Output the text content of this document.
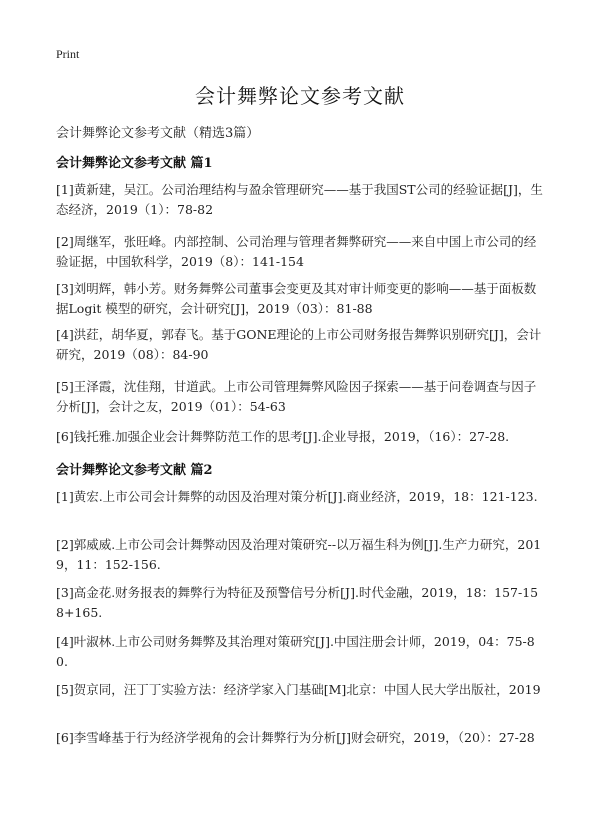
Print
会计舞弊论文参考文献
会计舞弊论文参考文献（精选3篇）
会计舞弊论文参考文献 篇1
[1]黄新建，吴江。公司治理结构与盈余管理研究——基于我国ST公司的经验证据[J]，生态经济，2019（1）：78-82
[2]周继军，张旺峰。内部控制、公司治理与管理者舞弊研究——来自中国上市公司的经验证据，中国软科学，2019（8）：141-154
[3]刘明辉，韩小芳。财务舞弊公司董事会变更及其对审计师变更的影响——基于面板数据Logit 模型的研究，会计研究[J]，2019（03）：81-88
[4]洪荭，胡华夏，郭春飞。基于GONE理论的上市公司财务报告舞弊识别研究[J]，会计研究，2019（08）：84-90
[5]王泽霞，沈佳翔，甘道武。上市公司管理舞弊风险因子探索——基于问卷调查与因子分析[J]，会计之友，2019（01）：54-63
[6]钱托雅.加强企业会计舞弊防范工作的思考[J].企业导报，2019，（16）：27-28.
会计舞弊论文参考文献 篇2
[1]黄宏.上市公司会计舞弊的动因及治理对策分析[J].商业经济，2019，18：121-123.
[2]郭威威.上市公司会计舞弊动因及治理对策研究--以万福生科为例[J].生产力研究，2019，11：152-156.
[3]高金花.财务报表的舞弊行为特征及预警信号分析[J].时代金融，2019，18：157-158+165.
[4]叶淑林.上市公司财务舞弊及其治理对策研究[J].中国注册会计师，2019，04：75-80.
[5]贺京同，汪丁丁实验方法：经济学家入门基础[M]北京：中国人民大学出版社，2019
[6]李雪峰基于行为经济学视角的会计舞弊行为分析[J]财会研究，2019，（20）：27-28
